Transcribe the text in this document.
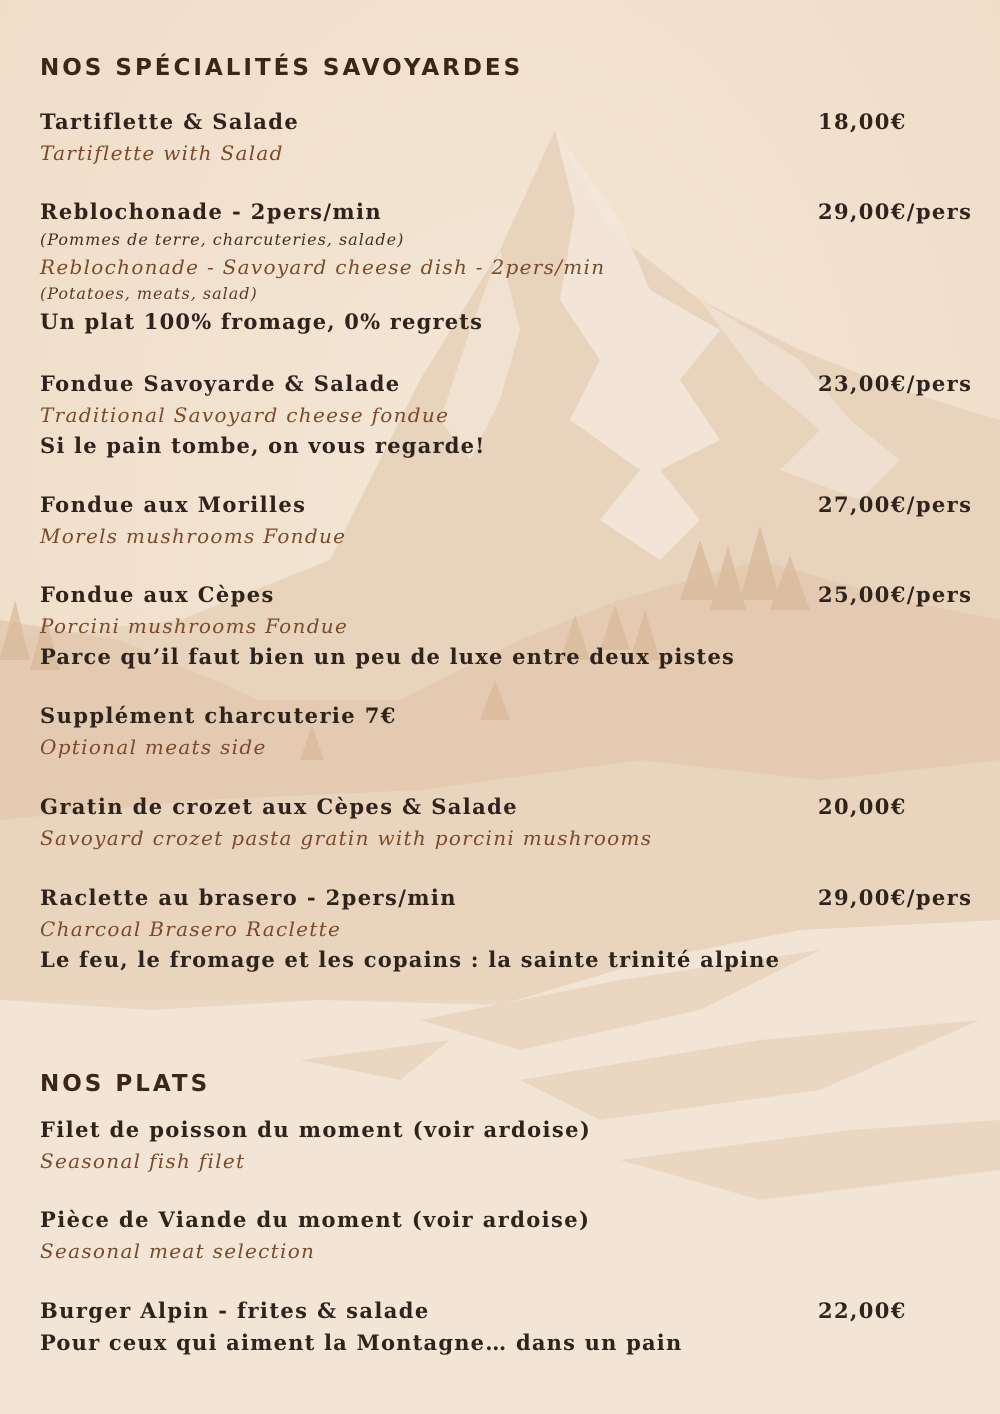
NOS SPÉCIALITÉS SAVOYARDES
Tartiflette & Salade	18,00€
Tartiflette with Salad
Reblochonade - 2pers/min	29,00€/pers
(Pommes de terre, charcuteries, salade)
Reblochonade - Savoyard cheese dish - 2pers/min
(Potatoes, meats, salad)
Un plat 100% fromage, 0% regrets
Fondue Savoyarde & Salade	23,00€/pers
Traditional Savoyard cheese fondue
Si le pain tombe, on vous regarde!
Fondue aux Morilles	27,00€/pers
Morels mushrooms Fondue
Fondue aux Cèpes	25,00€/pers
Porcini mushrooms Fondue
Parce qu’il faut bien un peu de luxe entre deux pistes
Supplément charcuterie 7€
Optional meats side
Gratin de crozet aux Cèpes & Salade	20,00€
Savoyard crozet pasta gratin with porcini mushrooms
Raclette au brasero - 2pers/min	29,00€/pers
Charcoal Brasero Raclette
Le feu, le fromage et les copains : la sainte trinité alpine
NOS PLATS
Filet de poisson du moment (voir ardoise)
Seasonal fish filet
Pièce de Viande du moment (voir ardoise)
Seasonal meat selection
Burger Alpin - frites & salade	22,00€
Pour ceux qui aiment la Montagne… dans un pain
